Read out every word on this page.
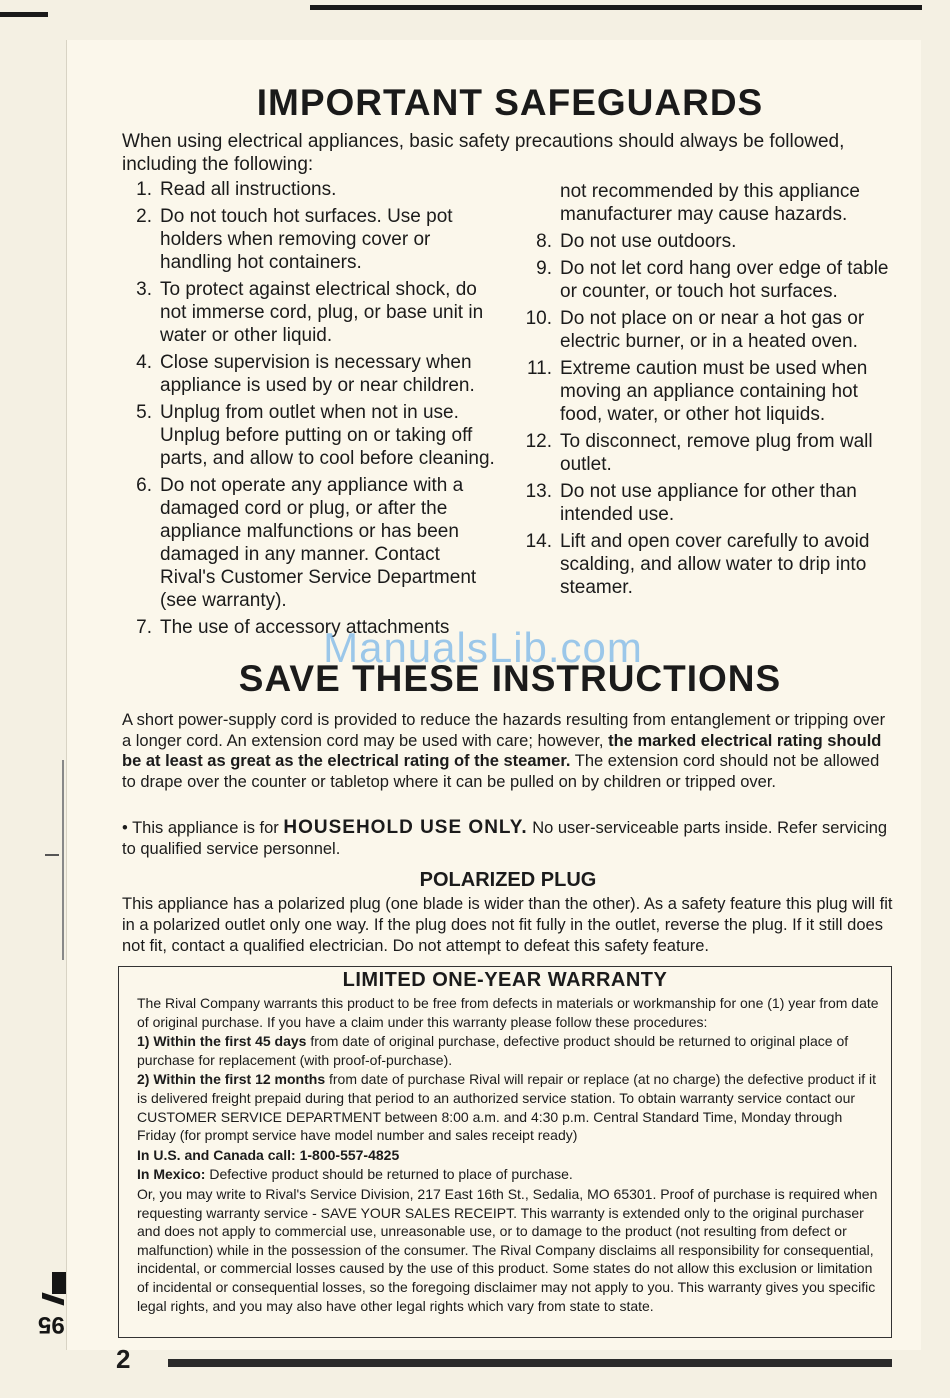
IMPORTANT SAFEGUARDS
When using electrical appliances, basic safety precautions should always be followed, including the following:
1. Read all instructions.
2. Do not touch hot surfaces. Use pot holders when removing cover or handling hot containers.
3. To protect against electrical shock, do not immerse cord, plug, or base unit in water or other liquid.
4. Close supervision is necessary when appliance is used by or near children.
5. Unplug from outlet when not in use. Unplug before putting on or taking off parts, and allow to cool before cleaning.
6. Do not operate any appliance with a damaged cord or plug, or after the appliance malfunctions or has been damaged in any manner. Contact Rival's Customer Service Department (see warranty).
7. The use of accessory attachments
not recommended by this appliance manufacturer may cause hazards.
8. Do not use outdoors.
9. Do not let cord hang over edge of table or counter, or touch hot surfaces.
10. Do not place on or near a hot gas or electric burner, or in a heated oven.
11. Extreme caution must be used when moving an appliance containing hot food, water, or other hot liquids.
12. To disconnect, remove plug from wall outlet.
13. Do not use appliance for other than intended use.
14. Lift and open cover carefully to avoid scalding, and allow water to drip into steamer.
ManualsLib.com
SAVE THESE INSTRUCTIONS
A short power-supply cord is provided to reduce the hazards resulting from entanglement or tripping over a longer cord. An extension cord may be used with care; however, the marked electrical rating should be at least as great as the electrical rating of the steamer. The extension cord should not be allowed to drape over the counter or tabletop where it can be pulled on by children or tripped over.
• This appliance is for HOUSEHOLD USE ONLY. No user-serviceable parts inside. Refer servicing to qualified service personnel.
POLARIZED PLUG
This appliance has a polarized plug (one blade is wider than the other). As a safety feature this plug will fit in a polarized outlet only one way. If the plug does not fit fully in the outlet, reverse the plug. If it still does not fit, contact a qualified electrician. Do not attempt to defeat this safety feature.
LIMITED ONE-YEAR WARRANTY

The Rival Company warrants this product to be free from defects in materials or workmanship for one (1) year from date of original purchase. If you have a claim under this warranty please follow these procedures:

1) Within the first 45 days from date of original purchase, defective product should be returned to original place of purchase for replacement (with proof-of-purchase).

2) Within the first 12 months from date of purchase Rival will repair or replace (at no charge) the defective product if it is delivered freight prepaid during that period to an authorized service station. To obtain warranty service contact our CUSTOMER SERVICE DEPARTMENT between 8:00 a.m. and 4:30 p.m. Central Standard Time, Monday through Friday (for prompt service have model number and sales receipt ready)

In U.S. and Canada call: 1-800-557-4825

In Mexico: Defective product should be returned to place of purchase.

Or, you may write to Rival's Service Division, 217 East 16th St., Sedalia, MO 65301. Proof of purchase is required when requesting warranty service - SAVE YOUR SALES RECEIPT. This warranty is extended only to the original purchaser and does not apply to commercial use, unreasonable use, or to damage to the product (not resulting from defect or malfunction) while in the possession of the consumer. The Rival Company disclaims all responsibility for consequential, incidental, or commercial losses caused by the use of this product. Some states do not allow this exclusion or limitation of incidental or consequential losses, so the foregoing disclaimer may not apply to you. This warranty gives you specific legal rights, and you may also have other legal rights which vary from state to state.

2
95
